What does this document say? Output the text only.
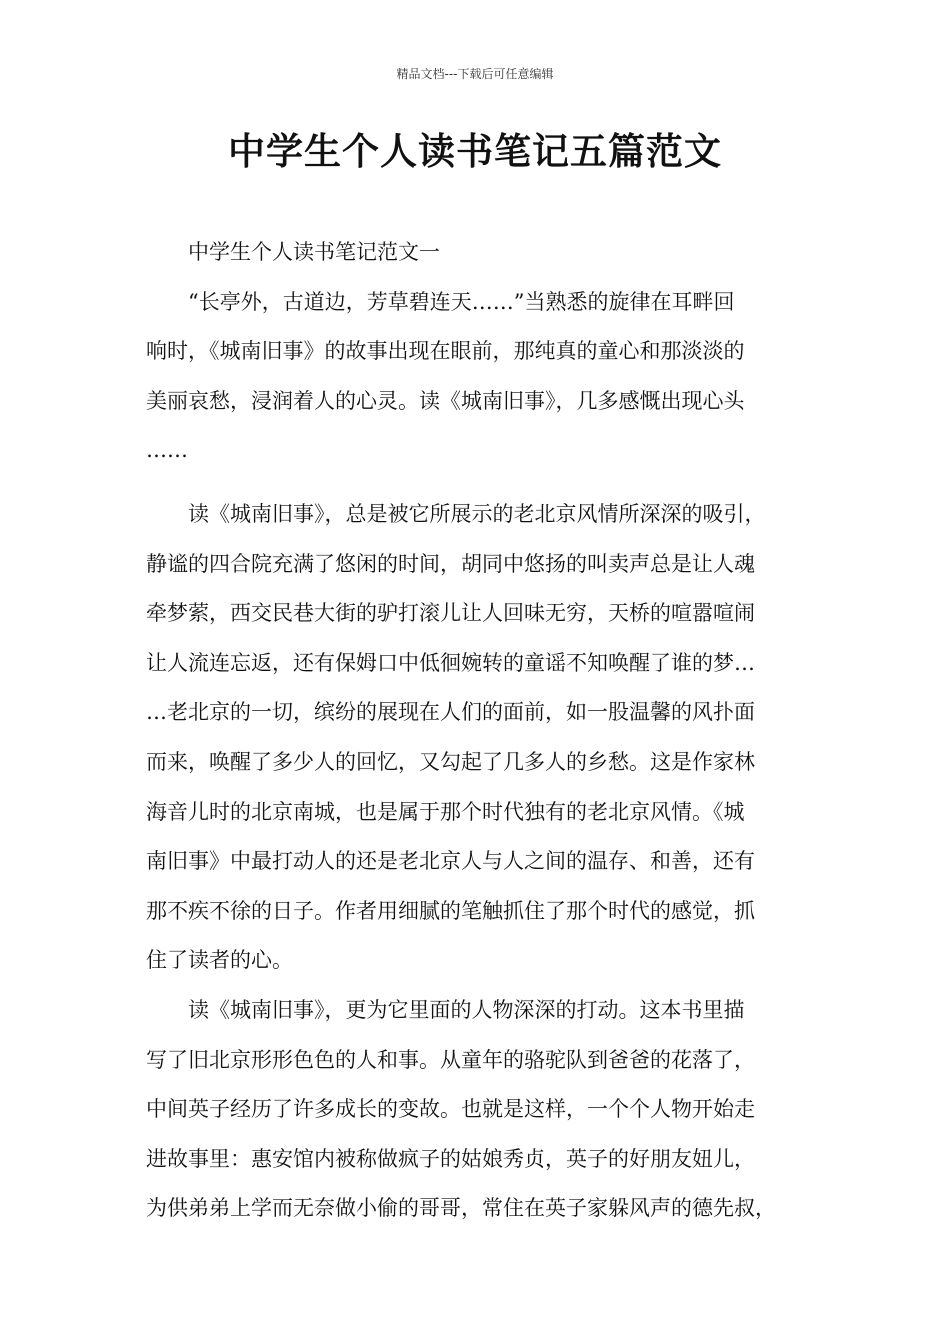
精品文档---下载后可任意编辑
中学生个人读书笔记五篇范文
　　中学生个人读书笔记范文一
　　“长亭外，古道边，芳草碧连天……”当熟悉的旋律在耳畔回
响时，《城南旧事》的故事出现在眼前，那纯真的童心和那淡淡的
美丽哀愁，浸润着人的心灵。读《城南旧事》，几多感慨出现心头
……
　　读《城南旧事》，总是被它所展示的老北京风情所深深的吸引，
静谧的四合院充满了悠闲的时间，胡同中悠扬的叫卖声总是让人魂
牵梦萦，西交民巷大街的驴打滚儿让人回味无穷，天桥的喧嚣喧闹
让人流连忘返，还有保姆口中低徊婉转的童谣不知唤醒了谁的梦…
…老北京的一切，缤纷的展现在人们的面前，如一股温馨的风扑面
而来，唤醒了多少人的回忆，又勾起了几多人的乡愁。这是作家林
海音儿时的北京南城，也是属于那个时代独有的老北京风情。《城
南旧事》中最打动人的还是老北京人与人之间的温存、和善，还有
那不疾不徐的日子。作者用细腻的笔触抓住了那个时代的感觉，抓
住了读者的心。
　　读《城南旧事》，更为它里面的人物深深的打动。这本书里描
写了旧北京形形色色的人和事。从童年的骆驼队到爸爸的花落了，
中间英子经历了许多成长的变故。也就是这样，一个个人物开始走
进故事里：惠安馆内被称做疯子的姑娘秀贞，英子的好朋友妞儿，
为供弟弟上学而无奈做小偷的哥哥，常住在英子家躲风声的德先叔，
